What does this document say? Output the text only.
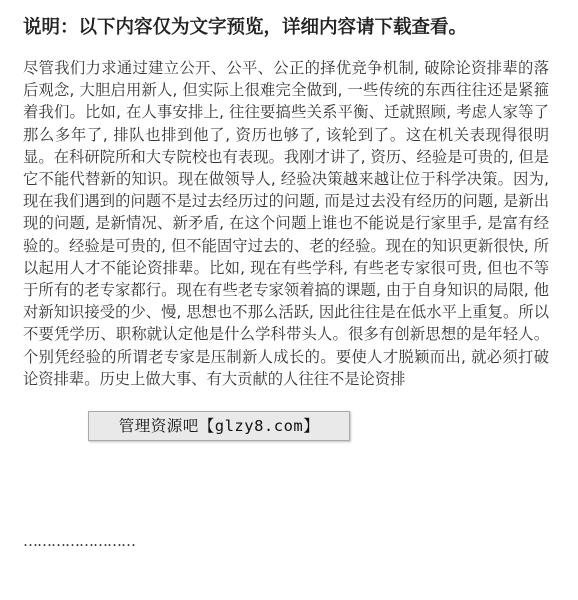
说明：以下内容仅为文字预览，详细内容请下载查看。

尽管我们力求通过建立公开、公平、公正的择优竞争机制, 破除论资排辈的落后观念, 大胆启用新人, 但实际上很难完全做到, 一些传统的东西往往还是紧箍着我们。比如, 在人事安排上, 往往要搞些关系平衡、迁就照顾, 考虑人家等了那么多年了, 排队也排到他了, 资历也够了, 该轮到了。这在机关表现得很明显。在科研院所和大专院校也有表现。我刚才讲了, 资历、经验是可贵的, 但是它不能代替新的知识。现在做领导人, 经验决策越来越让位于科学决策。因为, 现在我们遇到的问题不是过去经历过的问题, 而是过去没有经历的问题, 是新出现的问题, 是新情况、新矛盾, 在这个问题上谁也不能说是行家里手, 是富有经验的。经验是可贵的, 但不能固守过去的、老的经验。现在的知识更新很快, 所以起用人才不能论资排辈。比如, 现在有些学科, 有些老专家很可贵, 但也不等于所有的老专家都行。现在有些老专家领着搞的课题, 由于自身知识的局限, 他对新知识接受的少、慢, 思想也不那么活跃, 因此往往是在低水平上重复。所以不要凭学历、职称就认定他是什么学科带头人。很多有创新思想的是年轻人。个别凭经验的所谓老专家是压制新人成长的。要使人才脱颖而出, 就必须打破论资排辈。历史上做大事、有大贡献的人往往不是论资排

……………………
管理资源吧【glzy8.com】
